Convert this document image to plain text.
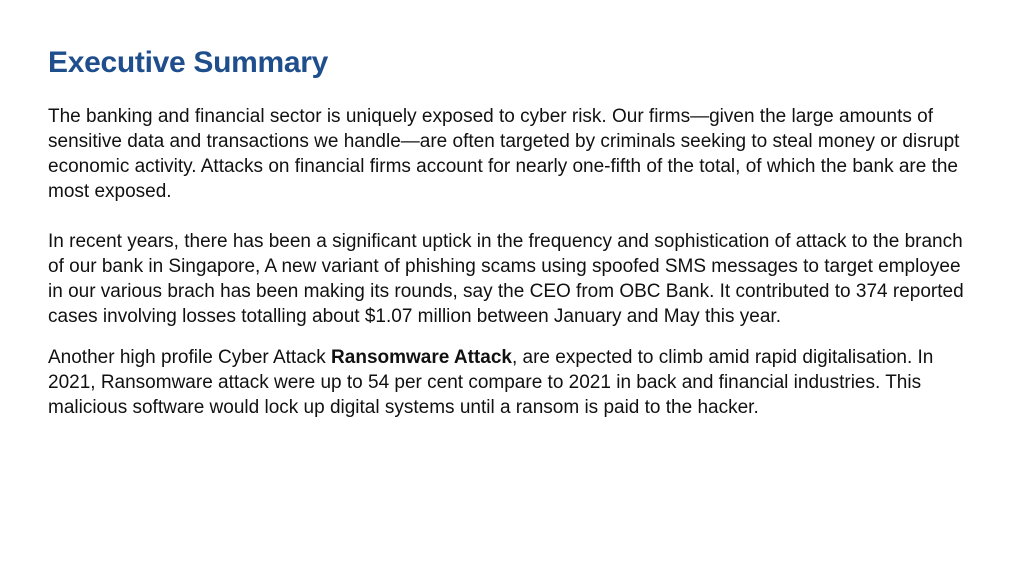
Executive Summary

The banking and financial sector is uniquely exposed to cyber risk. Our firms—given the large amounts of sensitive data and transactions we handle—are often targeted by criminals seeking to steal money or disrupt economic activity. Attacks on financial firms account for nearly one-fifth of the total, of which the bank are the most exposed.

In recent years, there has been a significant uptick in the frequency and sophistication of attack to the branch of our bank in Singapore, A new variant of phishing scams using spoofed SMS messages to target employee in our various brach has been making its rounds, say the CEO from OBC Bank. It contributed to 374 reported cases involving losses totalling about $1.07 million between January and May this year.

Another high profile Cyber Attack Ransomware Attack, are expected to climb amid rapid digitalisation. In 2021, Ransomware attack were up to 54 per cent compare to 2021 in back and financial industries. This malicious software would lock up digital systems until a ransom is paid to the hacker.
